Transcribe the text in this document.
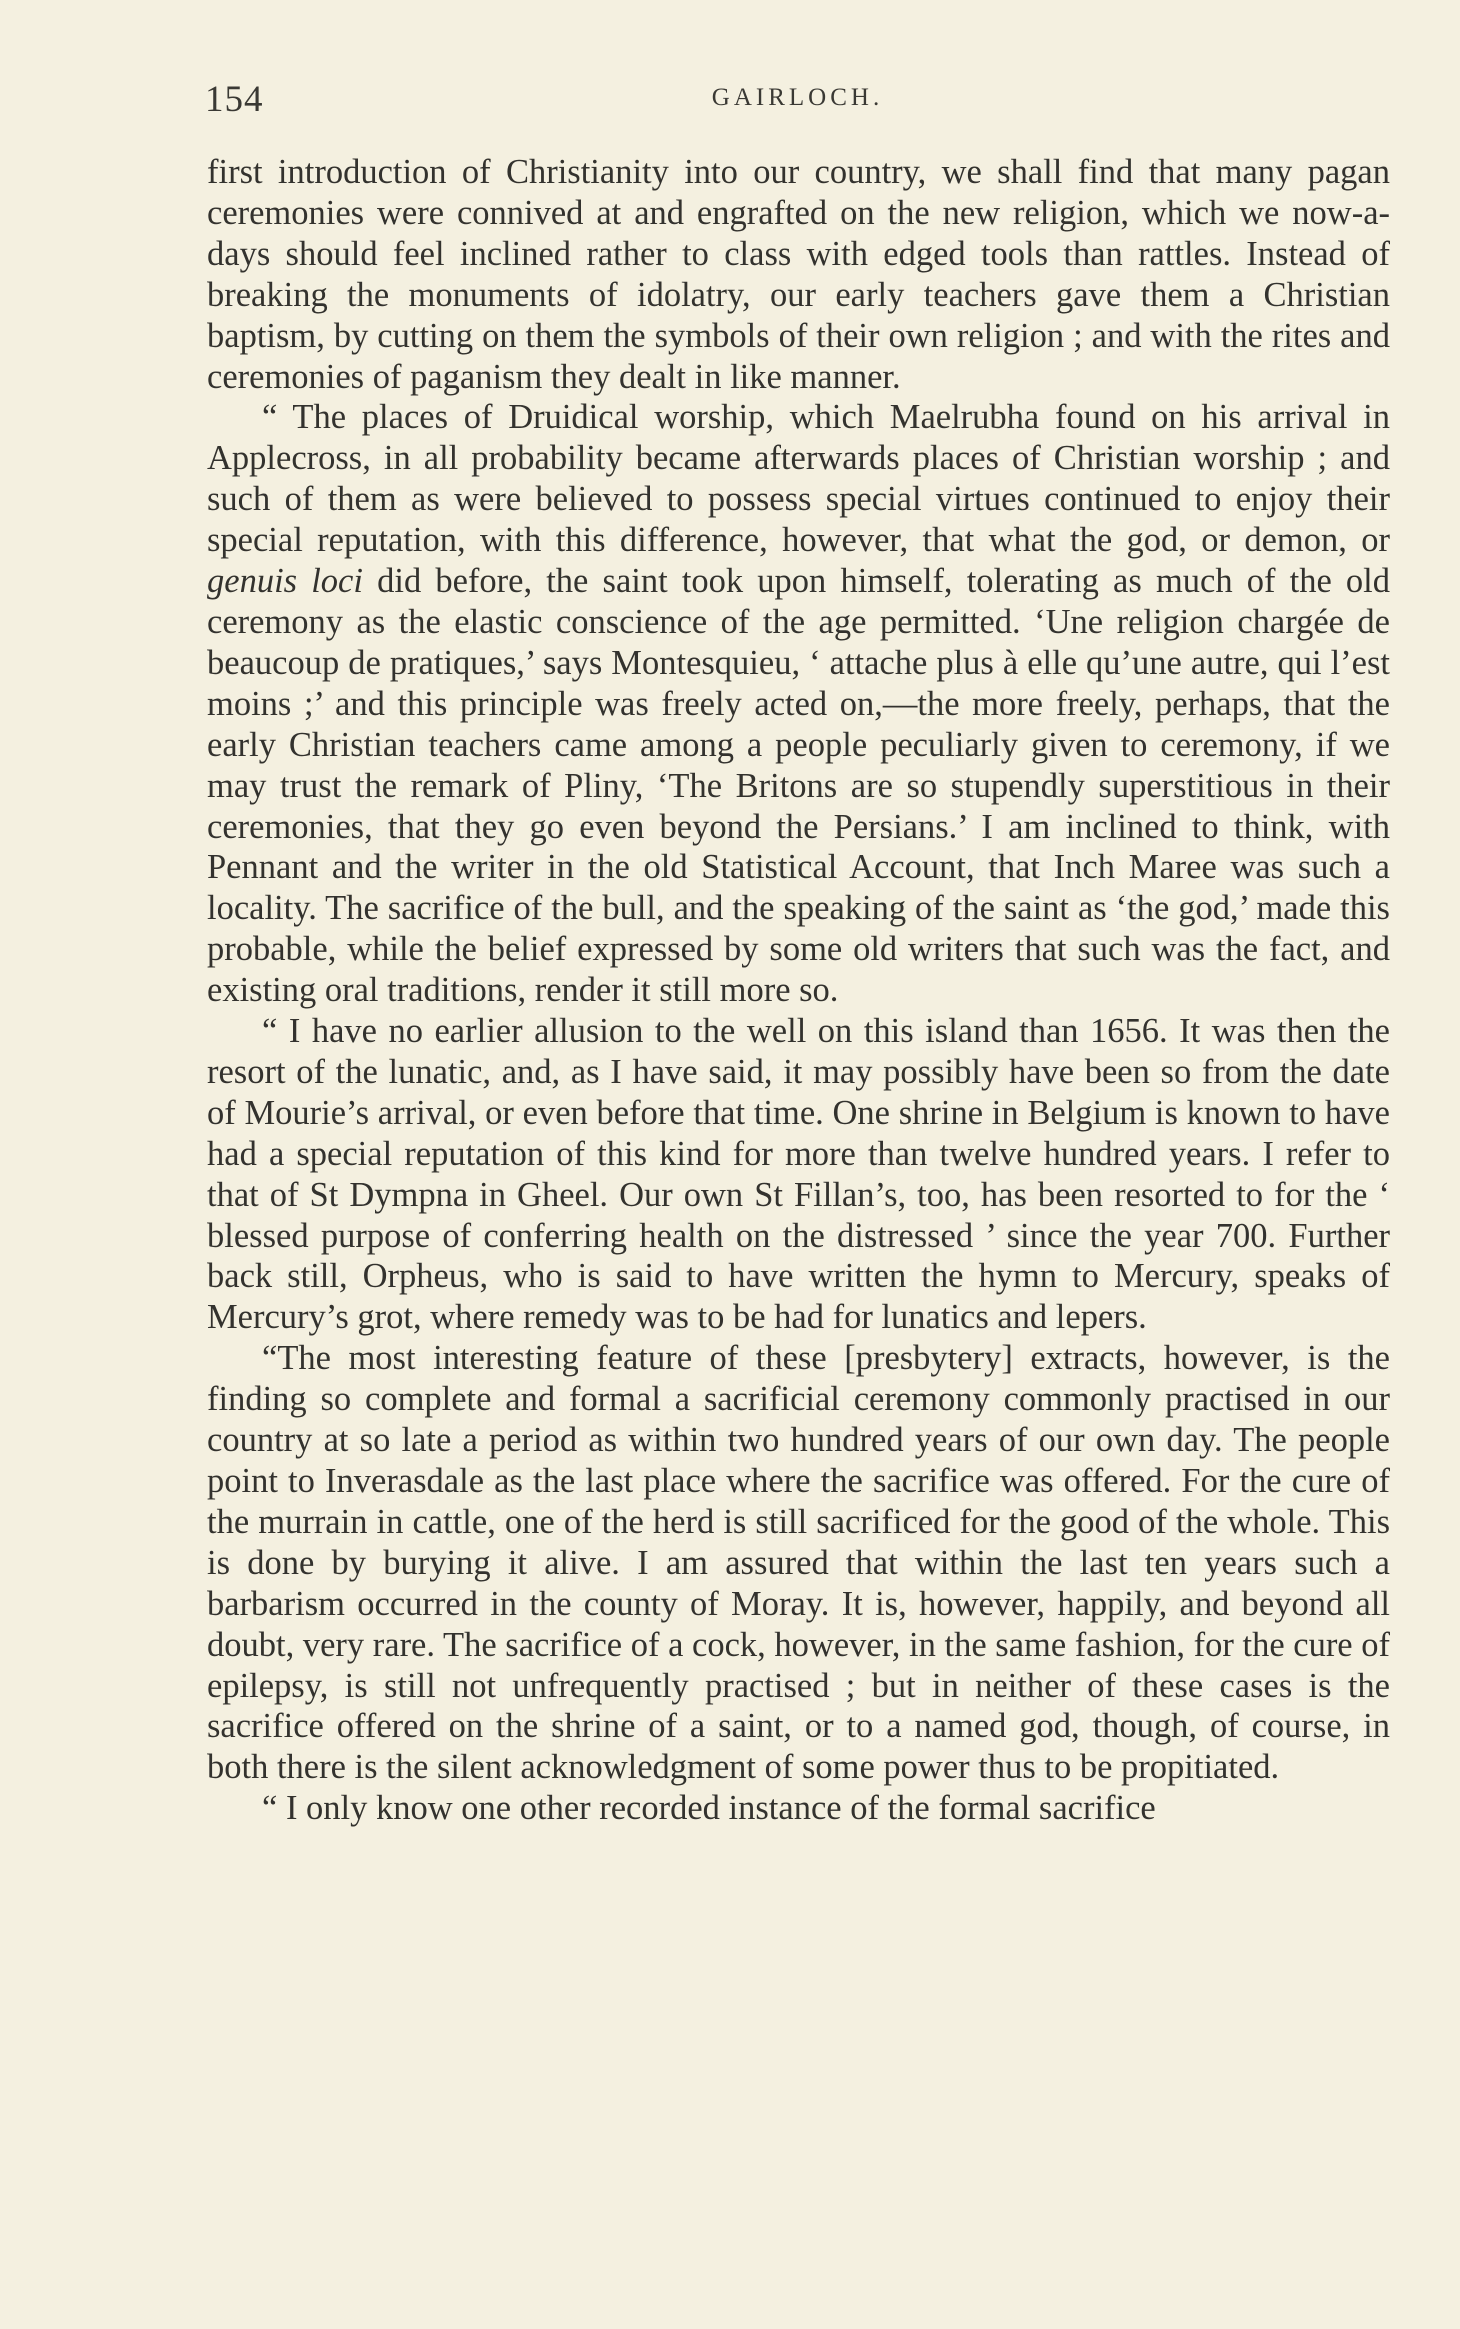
154	GAIRLOCH.

first introduction of Christianity into our country, we shall find that many pagan ceremonies were connived at and engrafted on the new religion, which we now-a-days should feel inclined rather to class with edged tools than rattles. Instead of breaking the monuments of idolatry, our early teachers gave them a Christian baptism, by cutting on them the symbols of their own religion ; and with the rites and ceremonies of paganism they dealt in like manner.

“ The places of Druidical worship, which Maelrubha found on his arrival in Applecross, in all probability became afterwards places of Christian worship ; and such of them as were believed to possess special virtues continued to enjoy their special reputation, with this difference, however, that what the god, or demon, or genuis loci did before, the saint took upon himself, tolerating as much of the old ceremony as the elastic conscience of the age permitted. ‘Une religion chargée de beaucoup de pratiques,’ says Montesquieu, ‘ attache plus à elle qu’une autre, qui l’est moins ;’ and this principle was freely acted on,—the more freely, perhaps, that the early Christian teachers came among a people peculiarly given to ceremony, if we may trust the remark of Pliny, ‘The Britons are so stupendly superstitious in their ceremonies, that they go even beyond the Persians.’ I am inclined to think, with Pennant and the writer in the old Statistical Account, that Inch Maree was such a locality. The sacrifice of the bull, and the speaking of the saint as ‘the god,’ made this probable, while the belief expressed by some old writers that such was the fact, and existing oral traditions, render it still more so.

“ I have no earlier allusion to the well on this island than 1656. It was then the resort of the lunatic, and, as I have said, it may possibly have been so from the date of Mourie’s arrival, or even before that time. One shrine in Belgium is known to have had a special reputation of this kind for more than twelve hundred years. I refer to that of St Dympna in Gheel. Our own St Fillan’s, too, has been resorted to for the ‘ blessed purpose of conferring health on the distressed ’ since the year 700. Further back still, Orpheus, who is said to have written the hymn to Mercury, speaks of Mercury’s grot, where remedy was to be had for lunatics and lepers.

“The most interesting feature of these [presbytery] extracts, however, is the finding so complete and formal a sacrificial ceremony commonly practised in our country at so late a period as within two hundred years of our own day. The people point to Inverasdale as the last place where the sacrifice was offered. For the cure of the murrain in cattle, one of the herd is still sacrificed for the good of the whole. This is done by burying it alive. I am assured that within the last ten years such a barbarism occurred in the county of Moray. It is, however, happily, and beyond all doubt, very rare. The sacrifice of a cock, however, in the same fashion, for the cure of epilepsy, is still not unfrequently practised ; but in neither of these cases is the sacrifice offered on the shrine of a saint, or to a named god, though, of course, in both there is the silent acknowledgment of some power thus to be propitiated.

“ I only know one other recorded instance of the formal sacrifice
